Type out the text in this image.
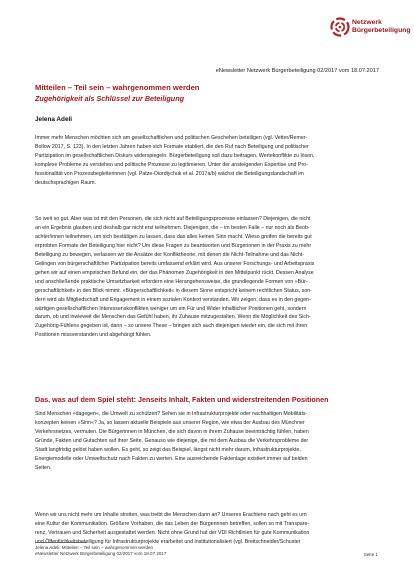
Netzwerk
Bürgerbeteiligung
eNewsletter Netzwerk Bürgerbeteiligung 02/2017 vom 18.07.2017
Mitteilen – Teil sein – wahrgenommen werden
Zugehörigkeit als Schlüssel zur Beteiligung
Jelena Adeli
Immer mehr Menschen möchten sich am gesellschaftlichen und politischen Geschehen beteiligen (vgl. Vetter/Remer-
Bollow 2017, S. 123). In den letzten Jahren haben sich Formate etabliert, die den Ruf nach Beteiligung und politischer
Partizipation im gesellschaftlichen Diskurs widerspiegeln. Bürgerbeteiligung soll dazu beitragen, Wertekonflikte zu lösen,
komplexe Probleme zu verstehen und politische Prozesse zu legitimieren. Unter der ansteigenden Expertise und Pro-
fessionalität von Prozessbegleiterinnen (vgl. Patze-Diordiychuk et al. 2017a/b) wächst die Beteiligungslandschaft im
deutschsprachigen Raum.
So weit so gut. Aber was ist mit den Personen, die sich nicht auf Beteiligungsprozesse einlassen? Diejenigen, die nicht
an ein Ergebnis glauben und deshalb gar nicht erst teilnehmen. Diejenigen, die – im besten Falle – nur noch als Beob-
achter/innen teilnehmen, um sich bestätigen zu lassen, dass das alles keinen Sinn macht. Wieso greifen die bereits gut
erprobten Formate der Beteiligung hier nicht? Um diese Fragen zu beantworten und Bürgerinnen in der Praxis zu mehr
Beteiligung zu bewegen, verlassen wir die Ansätze der Konfliktheorie, mit denen die Nicht-Teilnahme und das Nicht-
Gelingen von bürgerschaftlicher Partizipation bereits umfassend erklärt wird. Aus unserer Forschungs- und Arbeitspraxis
gehen wir auf einen empirischen Befund ein, der das Phänomen Zugehörigkeit in den Mittelpunkt rückt. Dessen Analyse
und anschließende praktische Umsetzbarkeit erfordern eine Herangehensweise, die grundlegende Formen von »Bür-
gerschaftlichkeit« in den Blick nimmt. »Bürgerschaftlichkeit« in diesem Sinne entspricht keinem rechtlichen Status, son-
dern wird als Mitgliedschaft und Engagement in einem sozialen Kontext verstanden. Wir zeigen, dass es in den gegen-
wärtigen gesellschaftlichen Interessenskonflikten weniger um ein Für und Wider inhaltlicher Positionen geht, sondern
darum, ob und inwieweit die Menschen das Gefühl haben, ihr Zuhause mitzugestalten. Wenn die Möglichkeit des Sich-
Zugehörig-Fühlens gegeben ist, dann – so unsere These – bringen sich auch diejenigen wieder ein, die sich mit ihren
Positionen missverstanden und abgehängt fühlen.
Das, was auf dem Spiel steht: Jenseits Inhalt, Fakten und widerstreitenden Positionen
Sind Menschen »dagegen«, die Umwelt zu schützen? Sehen sie in Infrastrukturprojekte oder nachhaltigen Mobilitäts-
konzepten keinen »Sinn«? Ja, so lassen aktuelle Beispiele aus unserer Region, wie etwa der Ausbau des Münchner
Verkehrsnetzes, vermuten. Die Bürgerinnen in München, die sich davon in ihrem Zuhause beeinträchtig fühlen, haben
Gründe, Fakten und Gutachten auf ihrer Seite. Genauso wie diejenige, die mit dem Ausbau die Verkehrsprobleme der
Stadt langfristig gelöst haben wollen. Es geht, so zeigt das Beispiel, längst nicht mehr darum, Infrastrukturprojekte,
Energiemodelle oder Umweltschutz nach Fakten zu werten. Eine ausreichende Faktenlage existiert immer auf beiden
Seiten.
Wenn wir uns nicht mehr um Inhalte streiten, was treibt die Menschen dann an? Unseres Erachtens nach geht es um
eine Kultur der Kommunikation. Größere Vorhaben, die das Leben der Bürgerinnen betreffen, sollen so mit Transpare-
renz, Vertrauen und Sicherheit ausgestattet werden. Nicht ohne Grund hat der VDI Richtlinien für gute Kommunikation
und Öffentlichkeitsbeteiligung für Infrastrukturprojekte erarbeitet und institutionalisiert (vgl. Breitschneider/Schuster
Jelena Adeli: Mitteilen – Teil sein – wahrgenommen werden
eNewsletter Netzwerk Bürgerbeteiligung 02/2017 vom 18.07.2017	Seite 1
